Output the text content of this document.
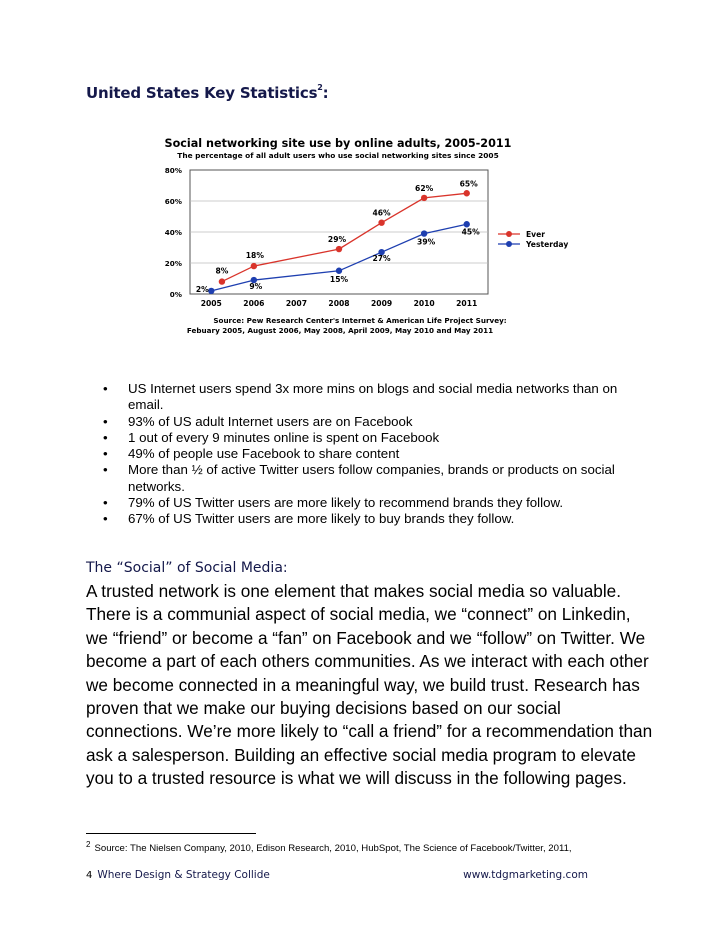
United States Key Statistics$^2$:
Social networking site use by online adults, 2005-2011
The percentage of all adult users who use social networking sites since 2005
0%
20%
40%
60%
80%
2005	2006	2007	2008	2009	2010	2011
8%
18%
29%
46%
62%
65%
2%	9%
15%
27%
39%
45%	Ever
Yesterday
Source: Pew Research Center's Internet & American Life Project Survey:
Febuary 2005, August 2006, May 2008, April 2009, May 2010 and May 2011
• US Internet users spend 3x more mins on blogs and social media networks than on email.
• 93% of US adult Internet users are on Facebook
• 1 out of every 9 minutes online is spent on Facebook
• 49% of people use Facebook to share content
• More than ½ of active Twitter users follow companies, brands or products on social networks.
• 79% of US Twitter users are more likely to recommend brands they follow.
• 67% of US Twitter users are more likely to buy brands they follow.
The “Social” of Social Media:

A trusted network is one element that makes social media so valuable. There is a communial aspect of social media, we “connect” on Linkedin, we “friend” or become a “fan” on Facebook and we “follow” on Twitter. We become a part of each others communities. As we interact with each other we become connected in a meaningful way, we build trust. Research has proven that we make our buying decisions based on our social connections. We’re more likely to “call a friend” for a recommendation than ask a salesperson. Building an effective social media program to elevate you to a trusted resource is what we will discuss in the following pages.

$^2$ Source: The Nielsen Company, 2010, Edison Research, 2010, HubSpot, The Science of Facebook/Twitter, 2011,
4 Where Design & Strategy Collide	www.tdgmarketing.com
